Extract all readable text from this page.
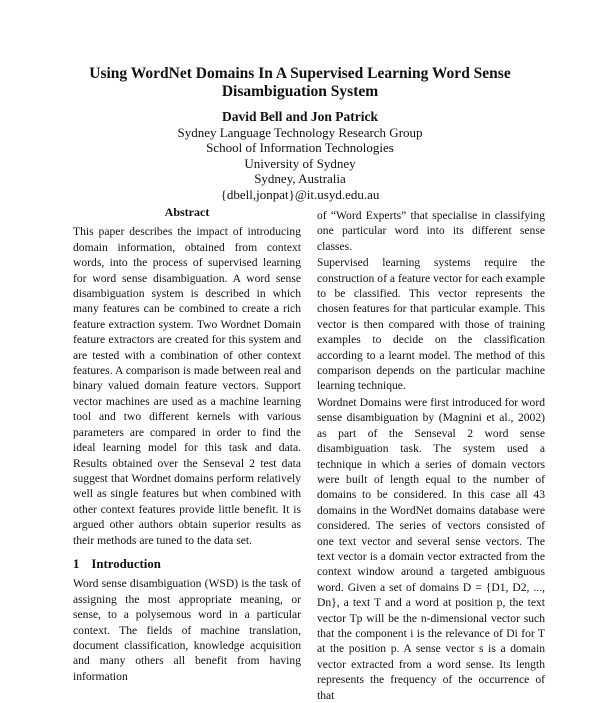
Using WordNet Domains In A Supervised Learning Word Sense Disambiguation System
David Bell and Jon Patrick
Sydney Language Technology Research Group
School of Information Technologies
University of Sydney
Sydney, Australia
{dbell,jonpat}@it.usyd.edu.au
Abstract

This paper describes the impact of introducing domain information, obtained from context words, into the process of supervised learning for word sense disambiguation. A word sense disambiguation system is described in which many features can be combined to create a rich feature extraction system. Two Wordnet Domain feature extractors are created for this system and are tested with a combination of other context features. A comparison is made between real and binary valued domain feature vectors. Support vector machines are used as a machine learning tool and two different kernels with various parameters are compared in order to find the ideal learning model for this task and data. Results obtained over the Senseval 2 test data suggest that Wordnet domains perform relatively well as single features but when combined with other context features provide little benefit. It is argued other authors obtain superior results as their methods are tuned to the data set.

1 Introduction

Word sense disambiguation (WSD) is the task of assigning the most appropriate meaning, or sense, to a polysemous word in a particular context. The fields of machine translation, document classification, knowledge acquisition and many others all benefit from having information

of “Word Experts” that specialise in classifying one particular word into its different sense classes.

Supervised learning systems require the construction of a feature vector for each example to be classified. This vector represents the chosen features for that particular example. This vector is then compared with those of training examples to decide on the classification according to a learnt model. The method of this comparison depends on the particular machine learning technique.

Wordnet Domains were first introduced for word sense disambiguation by (Magnini et al., 2002) as part of the Senseval 2 word sense disambiguation task. The system used a technique in which a series of domain vectors were built of length equal to the number of domains to be considered. In this case all 43 domains in the WordNet domains database were considered. The series of vectors consisted of one text vector and several sense vectors. The text vector is a domain vector extracted from the context window around a targeted ambiguous word. Given a set of domains D = {D1, D2, ..., Dn}, a text T and a word at position p, the text vector Tp will be the n-dimensional vector such that the component i is the relevance of Di for T at the position p. A sense vector s is a domain vector extracted from a word sense. Its length represents the frequency of the occurrence of that
